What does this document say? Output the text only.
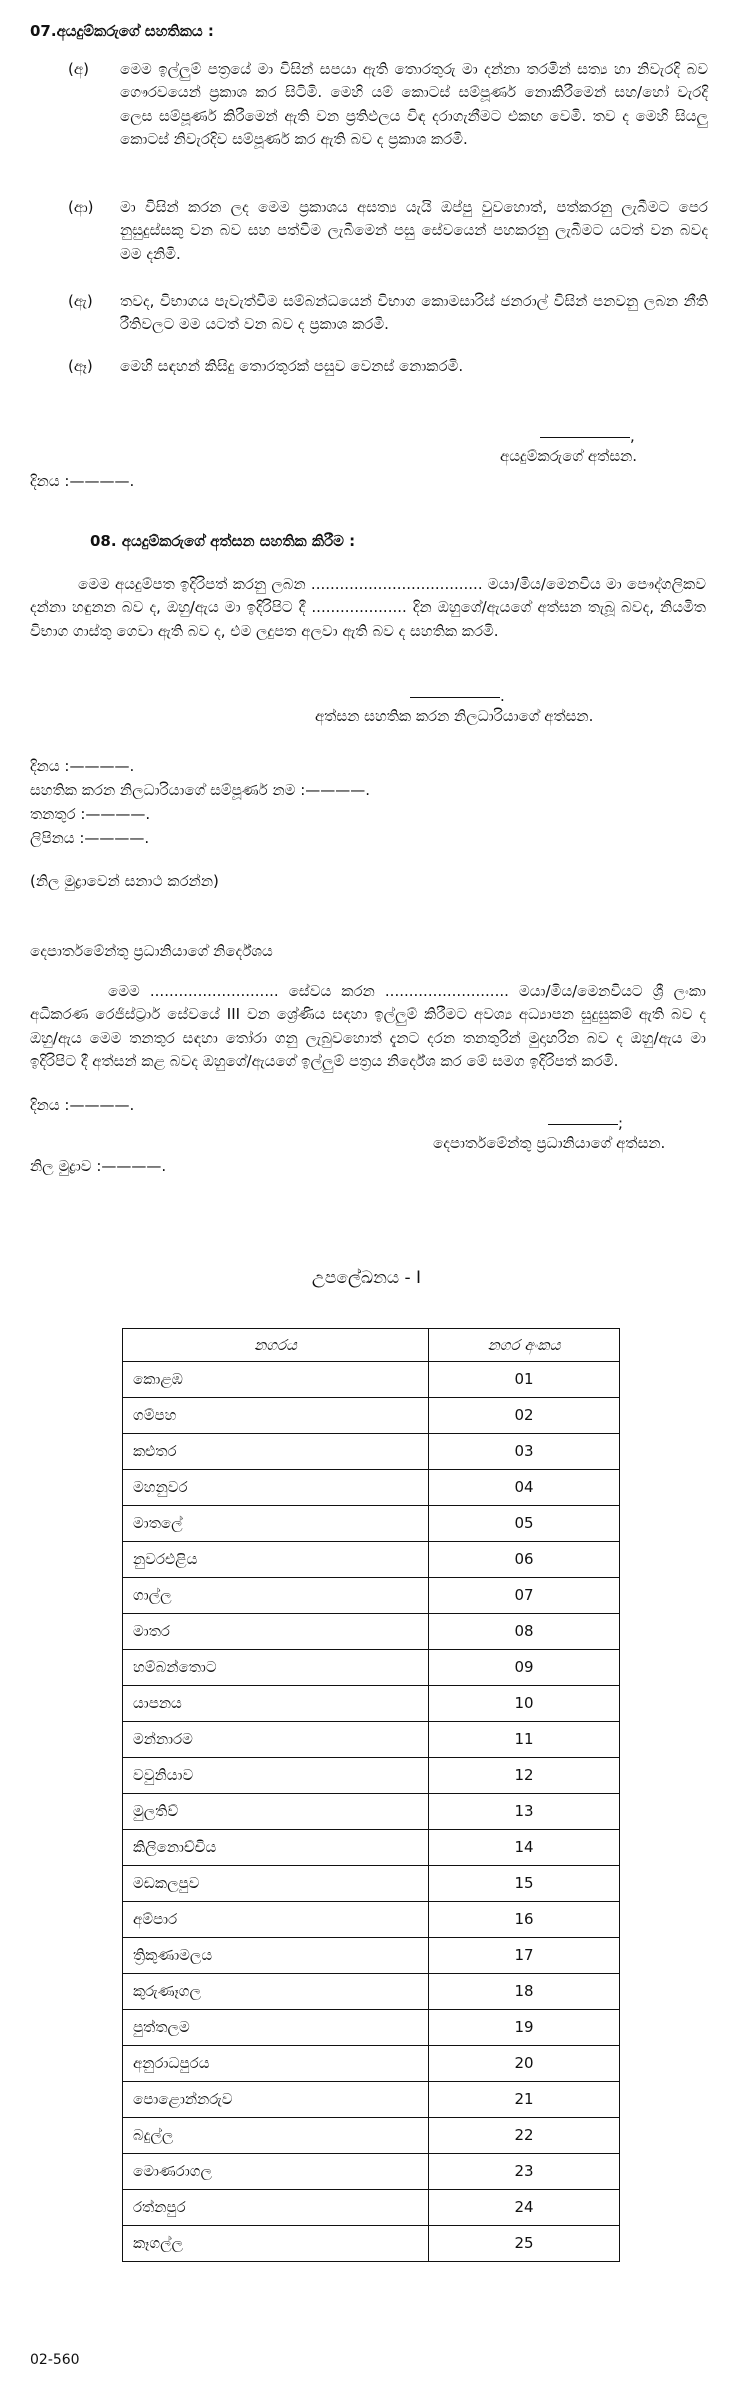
07.අයදුම්කරුගේ සහතිකය :
(අ)	මෙම ඉල්ලුම් පත්‍රයේ මා විසින් සපයා ඇති තොරතුරු මා දන්නා තරමින් සත්‍ය හා නිවැරදි බව ගෞරවයෙන් ප්‍රකාශ කර සිටිමි. මෙහි යම් කොටස් සම්පූර්ණ නොකිරීමෙන් සහ/හෝ වැරදි ලෙස සම්පූර්ණ කිරීමෙන් ඇති වන ප්‍රතිඵලය විඳ දරාගැනීමට එකඟ වෙමි. තව ද මෙහි සියලු කොටස් නිවැරදිව සම්පූර්ණ කර ඇති බව ද ප්‍රකාශ කරමි.
(ආ)	මා විසින් කරන ලද මෙම ප්‍රකාශය අසත්‍ය යැයි ඔප්පු වුවහොත්, පත්කරනු ලැබීමට පෙර නුසුදුස්සකු වන බව සහ පත්වීම ලැබීමෙන් පසු සේවයෙන් පහකරනු ලැබීමට යටත් වන බවද මම දනිමි.
(ඇ)	තවද, විභාගය පැවැත්වීම සම්බන්ධයෙන් විභාග කොමසාරිස් ජනරාල් විසින් පනවනු ලබන නීති රීතිවලට මම යටත් වන බව ද ප්‍රකාශ කරමි.
(ඈ)	මෙහි සඳහන් කිසිදු තොරතුරක් පසුව වෙනස් නොකරමි.
,
අයදුම්කරුගේ අත්සන.
දිනය :————.
08. අයදුම්කරුගේ අත්සන සහතික කිරීම :
මෙම අයදුම්පත ඉදිරිපත් කරනු ලබන .................................... මයා/මිය/මෙනවිය මා පෞද්ගලිකව දන්නා හඳුනන බව ද, ඔහු/ඇය මා ඉදිරිපිට දී .................... දින ඔහුගේ/ඇයගේ අත්සන තැබූ බවද, නියමිත විභාග ගාස්තු ගෙවා ඇති බව ද, එම ලදුපත අලවා ඇති බව ද සහතික කරමි.
.
අත්සන සහතික කරන නිලධාරියාගේ අත්සන.
දිනය :————.
සහතික කරන නිලධාරියාගේ සම්පූර්ණ නම :————.
තනතුර :————.
ලිපිනය :————.
(නිල මුද්‍රාවෙන් සනාථ කරන්න)
දෙපාර්තමේන්තු ප්‍රධානියාගේ නිර්දේශය
මෙම ........................... සේවය කරන .......................... මයා/මිය/මෙනවියට ශ්‍රී ලංකා අධිකරණ රෙජිස්ට්‍රාර් සේවයේ III වන ශ්‍රේණිය සඳහා ඉල්ලුම් කිරීමට අවශ්‍ය අධ්‍යාපන සුදුසුකම් ඇති බව ද ඔහු/ඇය මෙම තනතුර සඳහා තෝරා ගනු ලැබුවහොත් දැනට දරන තනතුරින් මුදාහරින බව ද ඔහු/ඇය මා ඉදිරිපිට දී අත්සන් කළ බවද ඔහුගේ/ඇයගේ ඉල්ලුම් පත්‍රය නිර්දේශ කර මේ සමග ඉදිරිපත් කරමි.
දිනය :————.
;
දෙපාර්තමේන්තු ප්‍රධානියාගේ අත්සන.
නිල මුද්‍රාව :————.
උපලේඛනය - I
නගරය	නගර අංකය
කොළඹ	01
ගම්පහ	02
කළුතර	03
මහනුවර	04
මාතලේ	05
නුවරඑළිය	06
ගාල්ල	07
මාතර	08
හම්බන්තොට	09
යාපනය	10
මන්නාරම	11
වවුනියාව	12
මුලතිව්	13
කිලිනොච්චිය	14
මඩකලපුව	15
අම්පාර	16
ත්‍රිකුණාමලය	17
කුරුණෑගල	18
පුත්තලම	19
අනුරාධපුරය	20
පොළොන්නරුව	21
බදුල්ල	22
මොණරාගල	23
රත්නපුර	24
කෑගල්ල	25
02-560
